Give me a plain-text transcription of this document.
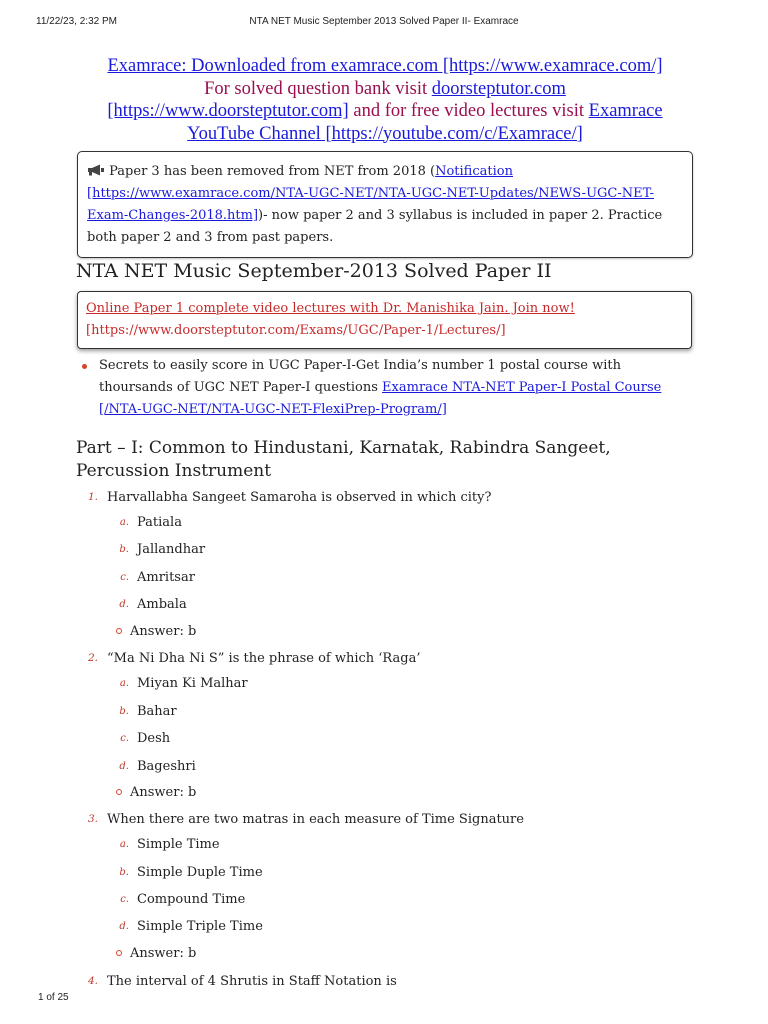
11/22/23, 2:32 PM	NTA NET Music September 2013 Solved Paper II- Examrace
Examrace: Downloaded from examrace.com [https://www.examrace.com/]
For solved question bank visit doorsteptutor.com
[https://www.doorsteptutor.com] and for free video lectures visit Examrace
YouTube Channel [https://youtube.com/c/Examrace/]
Paper 3 has been removed from NET from 2018 (Notification [https://www.examrace.com/NTA-UGC-NET/NTA-UGC-NET-Updates/NEWS-UGC-NET-Exam-Changes-2018.htm])- now paper 2 and 3 syllabus is included in paper 2. Practice both paper 2 and 3 from past papers.
NTA NET Music September-2013 Solved Paper II
Online Paper 1 complete video lectures with Dr. Manishika Jain. Join now!
[https://www.doorsteptutor.com/Exams/UGC/Paper-1/Lectures/]
Secrets to easily score in UGC Paper-I-Get India’s number 1 postal course with thoursands of UGC NET Paper-I questions Examrace NTA-NET Paper-I Postal Course [/NTA-UGC-NET/NTA-UGC-NET-FlexiPrep-Program/]
Part – I: Common to Hindustani, Karnatak, Rabindra Sangeet, Percussion Instrument
1. Harvallabha Sangeet Samaroha is observed in which city?
a. Patiala
b. Jallandhar
c. Amritsar
d. Ambala
Answer: b
2. “Ma Ni Dha Ni S” is the phrase of which ‘Raga’
a. Miyan Ki Malhar
b. Bahar
c. Desh
d. Bageshri
Answer: b
3. When there are two matras in each measure of Time Signature
a. Simple Time
b. Simple Duple Time
c. Compound Time
d. Simple Triple Time
Answer: b
4. The interval of 4 Shrutis in Staff Notation is
1 of 25
